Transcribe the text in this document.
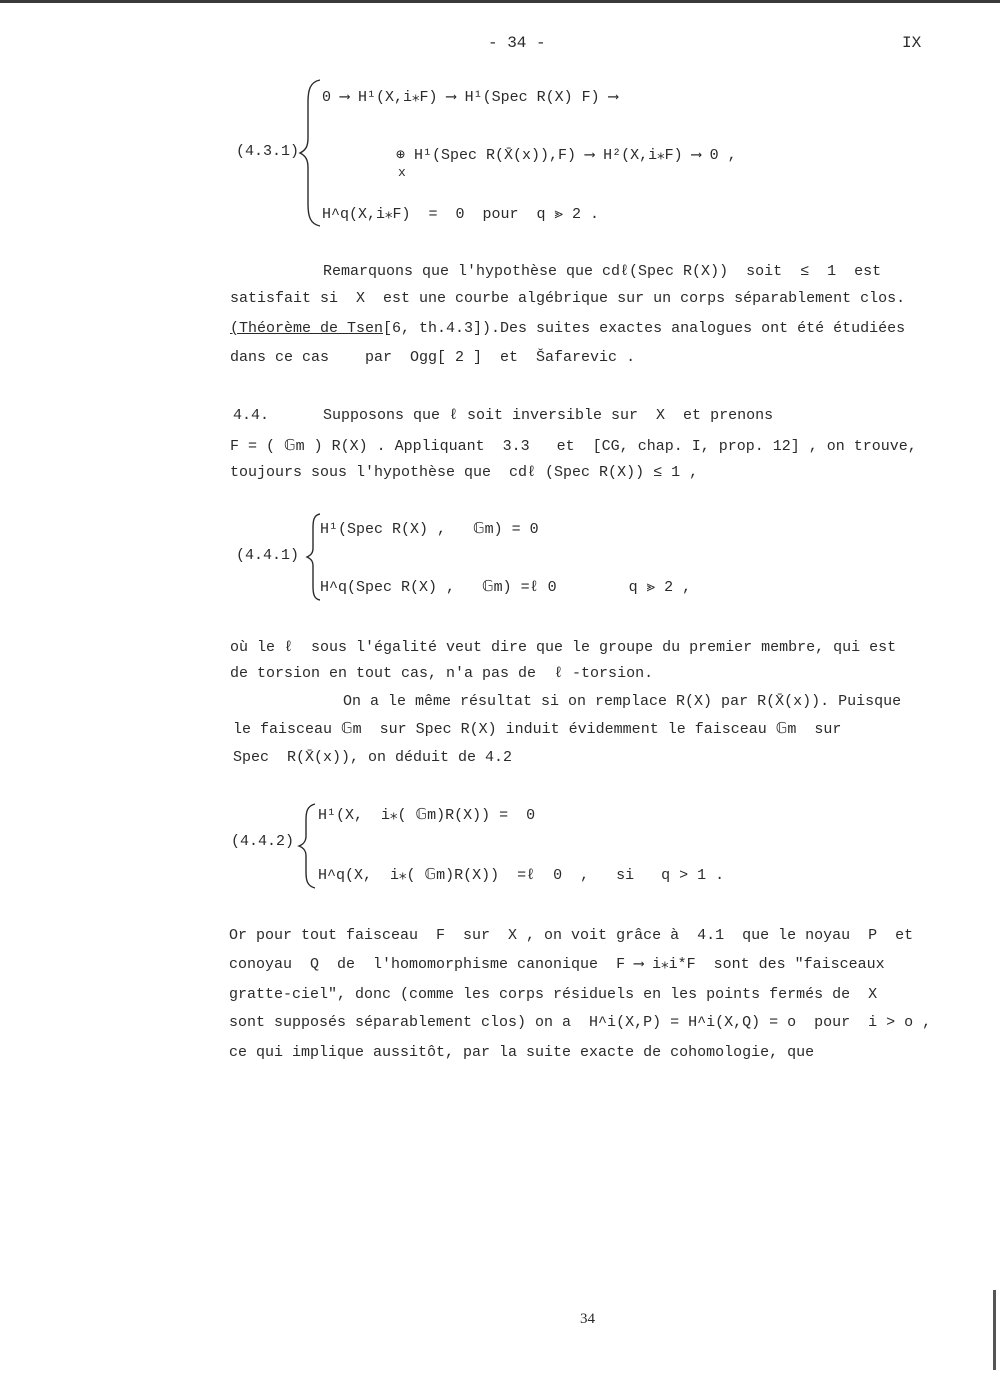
- 34 -	IX
(4.3.1)
0 ⟶ H¹(X,i⁎F) ⟶ H¹(Spec R(X) F) ⟶
⊕ H¹(Spec R(X̄(x)),F) ⟶ H²(X,i⁎F) ⟶ 0 ,
x
H^q(X,i⁎F)  =  0  pour  q ⪢ 2 .
Remarquons que l'hypothèse que cdℓ(Spec R(X))  soit  ≤  1  est
satisfait si  X  est une courbe algébrique sur un corps séparablement clos.
(Théorème de Tsen[6, th.4.3]).Des suites exactes analogues ont été étudiées
dans ce cas    par  Ogg[ 2 ]  et  Šafarevic .
4.4.	Supposons que ℓ soit inversible sur  X  et prenons
F = ( 𝔾m ) R(X) . Appliquant  3.3   et  [CG, chap. I, prop. 12] , on trouve,
toujours sous l'hypothèse que  cdℓ (Spec R(X)) ≤ 1 ,
(4.4.1)
H¹(Spec R(X) ,   𝔾m) = 0
H^q(Spec R(X) ,   𝔾m) =ℓ 0        q ⪢ 2 ,
où le ℓ  sous l'égalité veut dire que le groupe du premier membre, qui est
de torsion en tout cas, n'a pas de  ℓ -torsion.
On a le même résultat si on remplace R(X) par R(X̄(x)). Puisque
le faisceau 𝔾m  sur Spec R(X) induit évidemment le faisceau 𝔾m  sur
Spec  R(X̄(x)), on déduit de 4.2
(4.4.2)
H¹(X,  i⁎( 𝔾m)R(X)) =  0
H^q(X,  i⁎( 𝔾m)R(X))  =ℓ  0  ,   si   q > 1 .
Or pour tout faisceau  F  sur  X , on voit grâce à  4.1  que le noyau  P  et
conoyau  Q  de  l'homomorphisme canonique  F ⟶ i⁎i*F  sont des "faisceaux
gratte-ciel", donc (comme les corps résiduels en les points fermés de  X
sont supposés séparablement clos) on a  H^i(X,P) = H^i(X,Q) = o  pour  i > o ,
ce qui implique aussitôt, par la suite exacte de cohomologie, que
34
